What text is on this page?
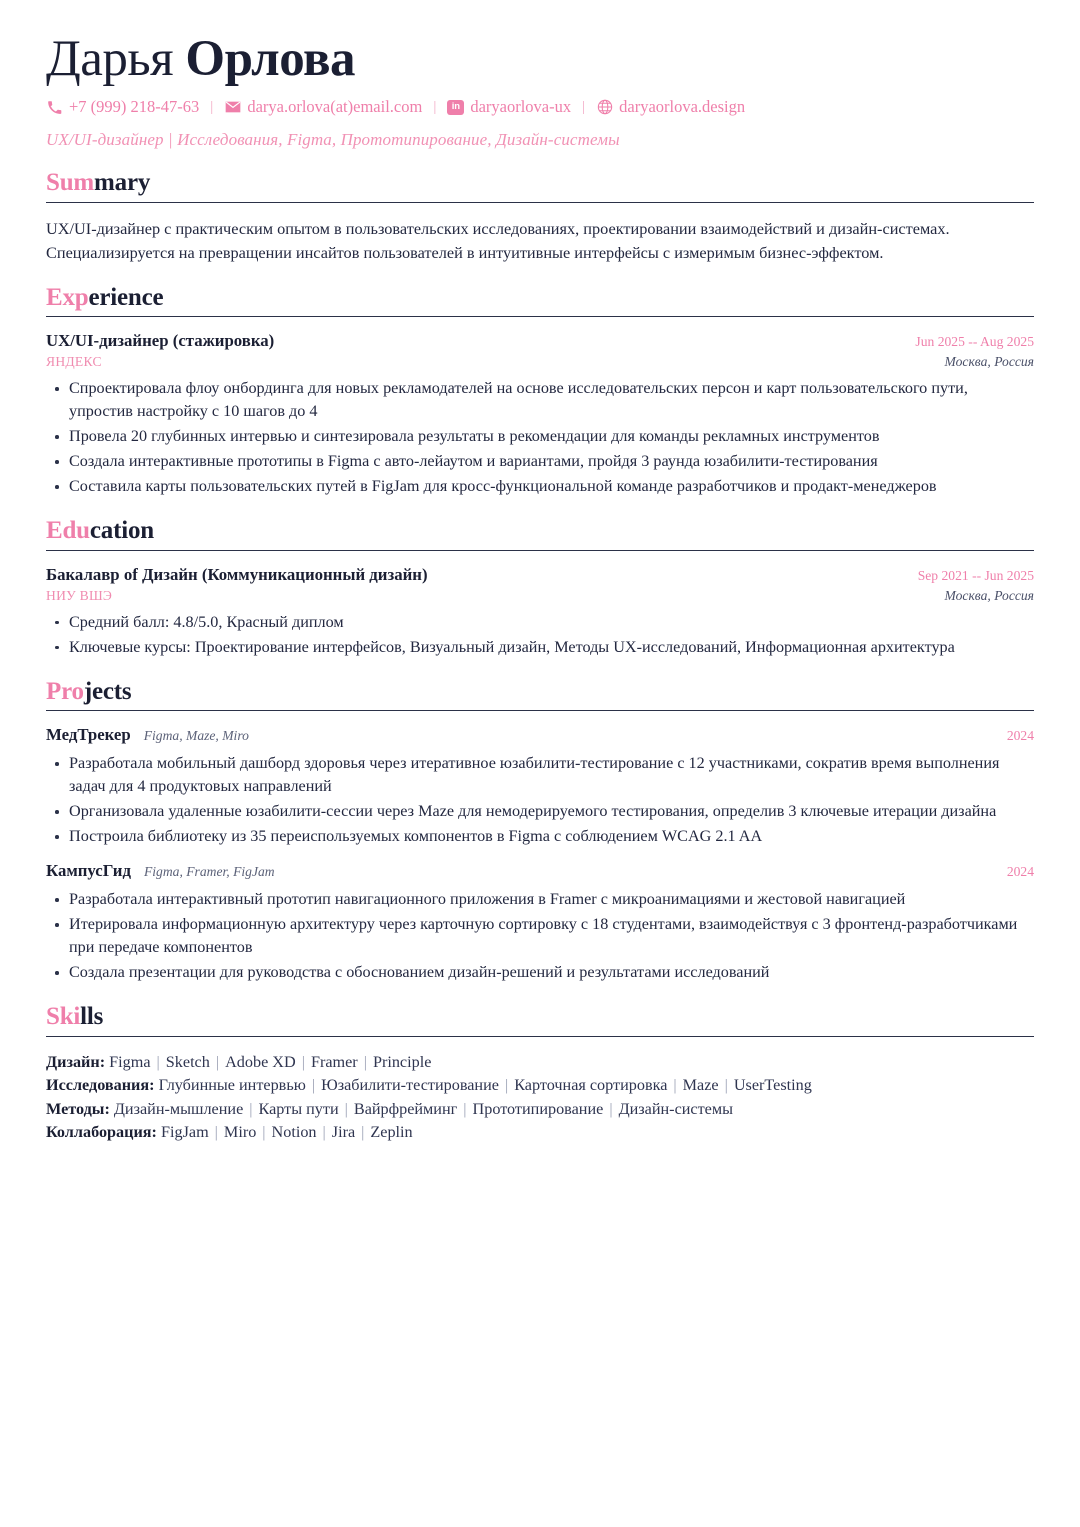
Дарья Орлова
+7 (999) 218-47-63 | darya.orlova(at)email.com |	in daryaorlova-ux | daryaorlova.design
UX/UI-дизайнер | Исследования, Figma, Прототипирование, Дизайн-системы
Summary

UX/UI-дизайнер с практическим опытом в пользовательских исследованиях, проектировании взаимодействий и дизайн-системах.

Специализируется на превращении инсайтов пользователей в интуитивные интерфейсы с измеримым бизнес-эффектом.

Experience
UX/UI-дизайнер (стажировка)	Jun 2025 -- Aug 2025
ЯНДЕКС	Москва, Россия
Спроектировала флоу онбординга для новых рекламодателей на основе исследовательских персон и карт пользовательского пути, упростив настройку с 10 шагов до 4
Провела 20 глубинных интервью и синтезировала результаты в рекомендации для команды рекламных инструментов
Создала интерактивные прототипы в Figma с авто-лейаутом и вариантами, пройдя 3 раунда юзабилити-тестирования
Составила карты пользовательских путей в FigJam для кросс-функциональной команде разработчиков и продакт-менеджеров
Education
Бакалавр of Дизайн (Коммуникационный дизайн)	Sep 2021 -- Jun 2025
НИУ ВШЭ	Москва, Россия
Средний балл: 4.8/5.0, Красный диплом
Ключевые курсы: Проектирование интерфейсов, Визуальный дизайн, Методы UX-исследований, Информационная архитектура
Projects
МедТрекер Figma, Maze, Miro	2024
Разработала мобильный дашборд здоровья через итеративное юзабилити-тестирование с 12 участниками, сократив время выполнения задач для 4 продуктовых направлений
Организовала удаленные юзабилити-сессии через Maze для немодерируемого тестирования, определив 3 ключевые итерации дизайна
Построила библиотеку из 35 переиспользуемых компонентов в Figma с соблюдением WCAG 2.1 AA
КампусГид Figma, Framer, FigJam	2024
Разработала интерактивный прототип навигационного приложения в Framer с микроанимациями и жестовой навигацией
Итерировала информационную архитектуру через карточную сортировку с 18 студентами, взаимодействуя с 3 фронтенд-разработчиками при передаче компонентов
Создала презентации для руководства с обоснованием дизайн-решений и результатами исследований
Skills
Дизайн: Figma | Sketch | Adobe XD | Framer | Principle
Исследования: Глубинные интервью | Юзабилити-тестирование | Карточная сортировка | Maze | UserTesting
Методы: Дизайн-мышление | Карты пути | Вайрфрейминг | Прототипирование | Дизайн-системы
Коллаборация: FigJam | Miro | Notion | Jira | Zeplin
